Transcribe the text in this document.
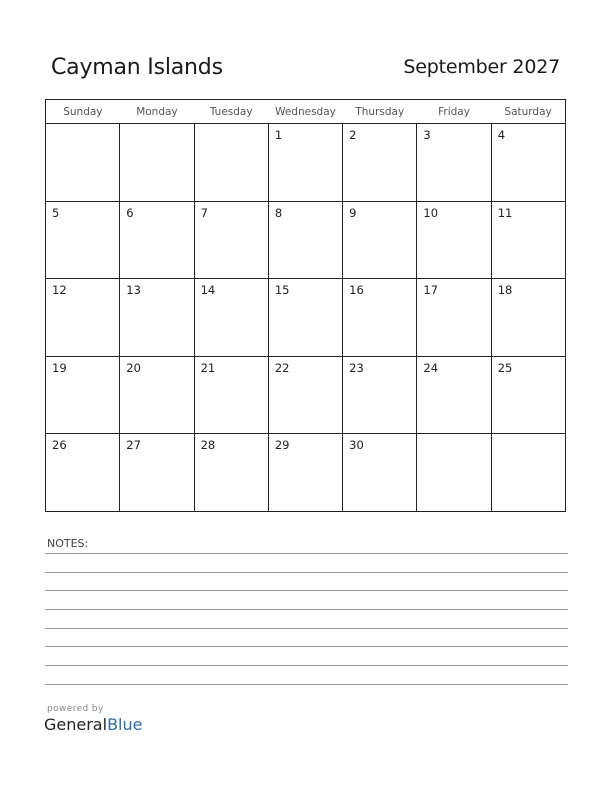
Cayman Islands	September 2027
Sunday	Monday	Tuesday	Wednesday	Thursday	Friday	Saturday
			1	2	3	4
5	6	7	8	9	10	11
12	13	14	15	16	17	18
19	20	21	22	23	24	25
26	27	28	29	30		
NOTES:
powered by
GeneralBlue
